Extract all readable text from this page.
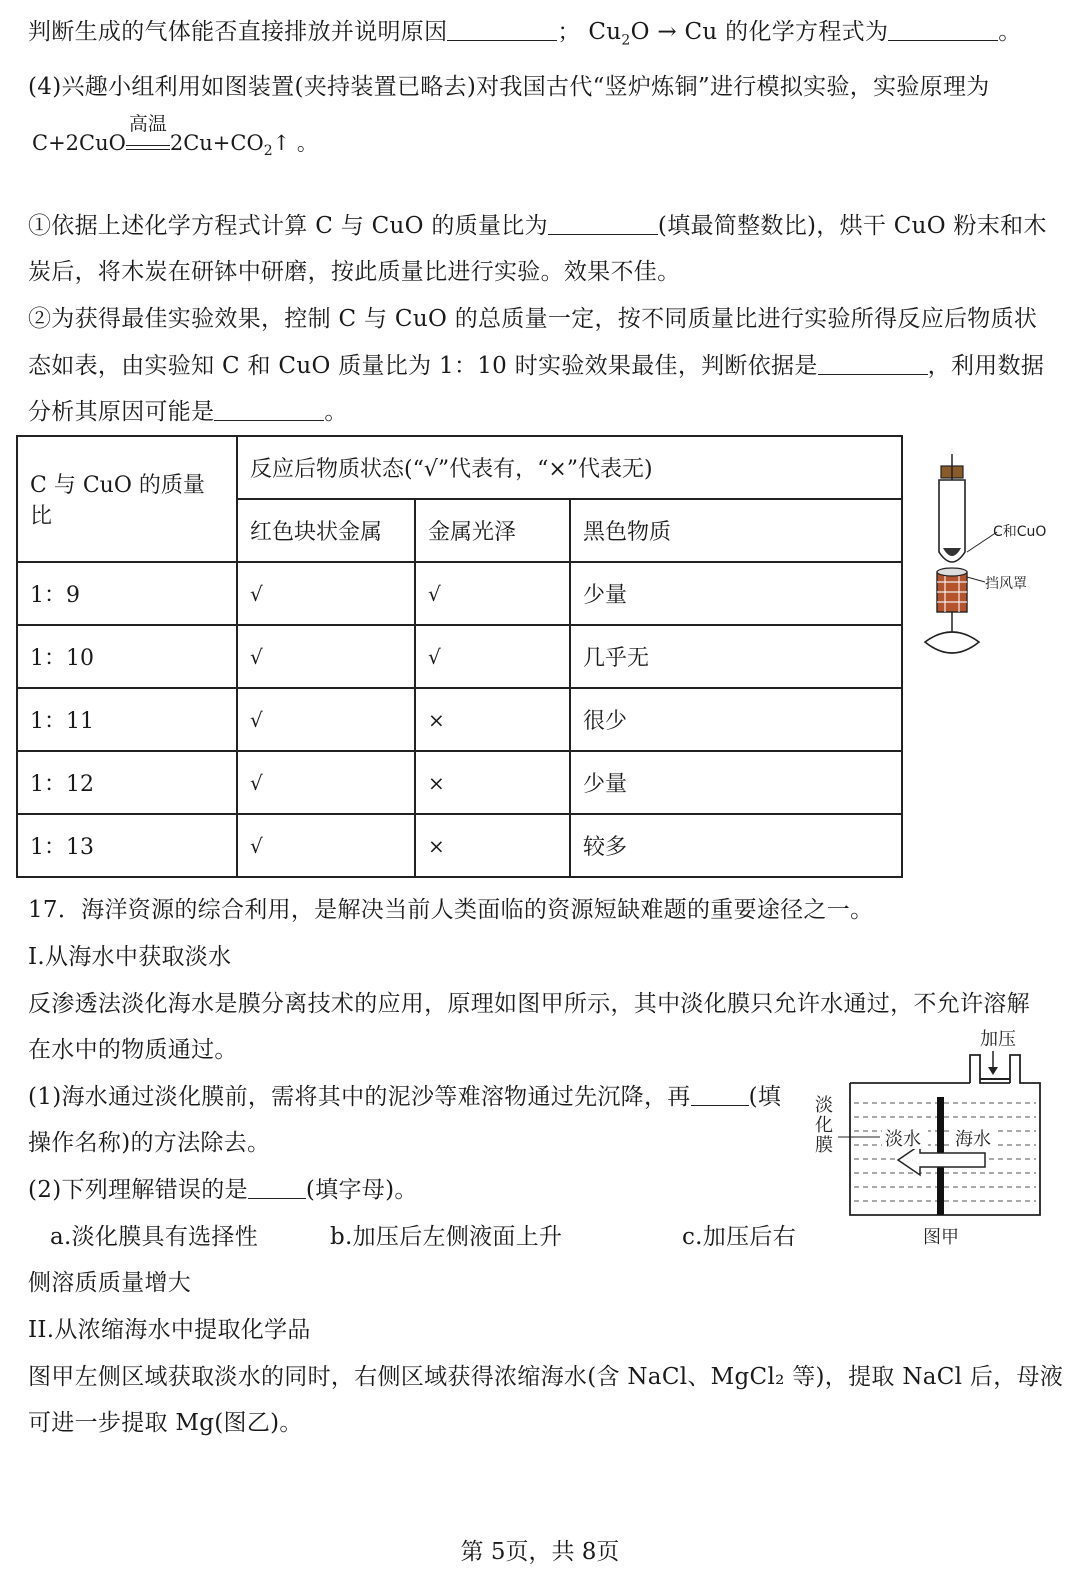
判断生成的气体能否直接排放并说明原因	； $Cu_2O \to Cu$ 的化学方程式为	。
(4)兴趣小组利用如图装置(夹持装置已略去)对我国古代“竖炉炼铜”进行模拟实验，实验原理为
C+2CuO
高温
$2Cu+CO_2↑$ 。
①依据上述化学方程式计算 C 与 CuO 的质量比为	(填最简整数比)，烘干 CuO 粉末和木
炭后，将木炭在研钵中研磨，按此质量比进行实验。效果不佳。
②为获得最佳实验效果，控制 C 与 CuO 的总质量一定，按不同质量比进行实验所得反应后物质状
态如表，由实验知 C 和 CuO 质量比为 1：10 时实验效果最佳，判断依据是	，利用数据
分析其原因可能是	。
C 与 CuO 的质量比	反应后物质状态(“√”代表有，“×”代表无)		
	红色块状金属	金属光泽	黑色物质
1：9	√	√	少量
1：10	√	√	几乎无
1：11	√	×	很少
1：12	√	×	少量
1：13	√	×	较多
C和CuO
挡风罩
17．海洋资源的综合利用，是解决当前人类面临的资源短缺难题的重要途径之一。
I.从海水中获取淡水
反渗透法淡化海水是膜分离技术的应用，原理如图甲所示，其中淡化膜只允许水通过，不允许溶解
在水中的物质通过。
(1)海水通过淡化膜前，需将其中的泥沙等难溶物通过先沉降，再	(填
操作名称)的方法除去。
(2)下列理解错误的是	(填字母)。
a.淡化膜具有选择性	b.加压后左侧液面上升	c.加压后右
侧溶质质量增大
II.从浓缩海水中提取化学品
图甲左侧区域获取淡水的同时，右侧区域获得浓缩海水(含 NaCl、MgCl₂ 等)，提取 NaCl 后，母液
可进一步提取 Mg(图乙)。
加压
淡水 海水
淡
化
膜
图甲
第 5页，共 8页
